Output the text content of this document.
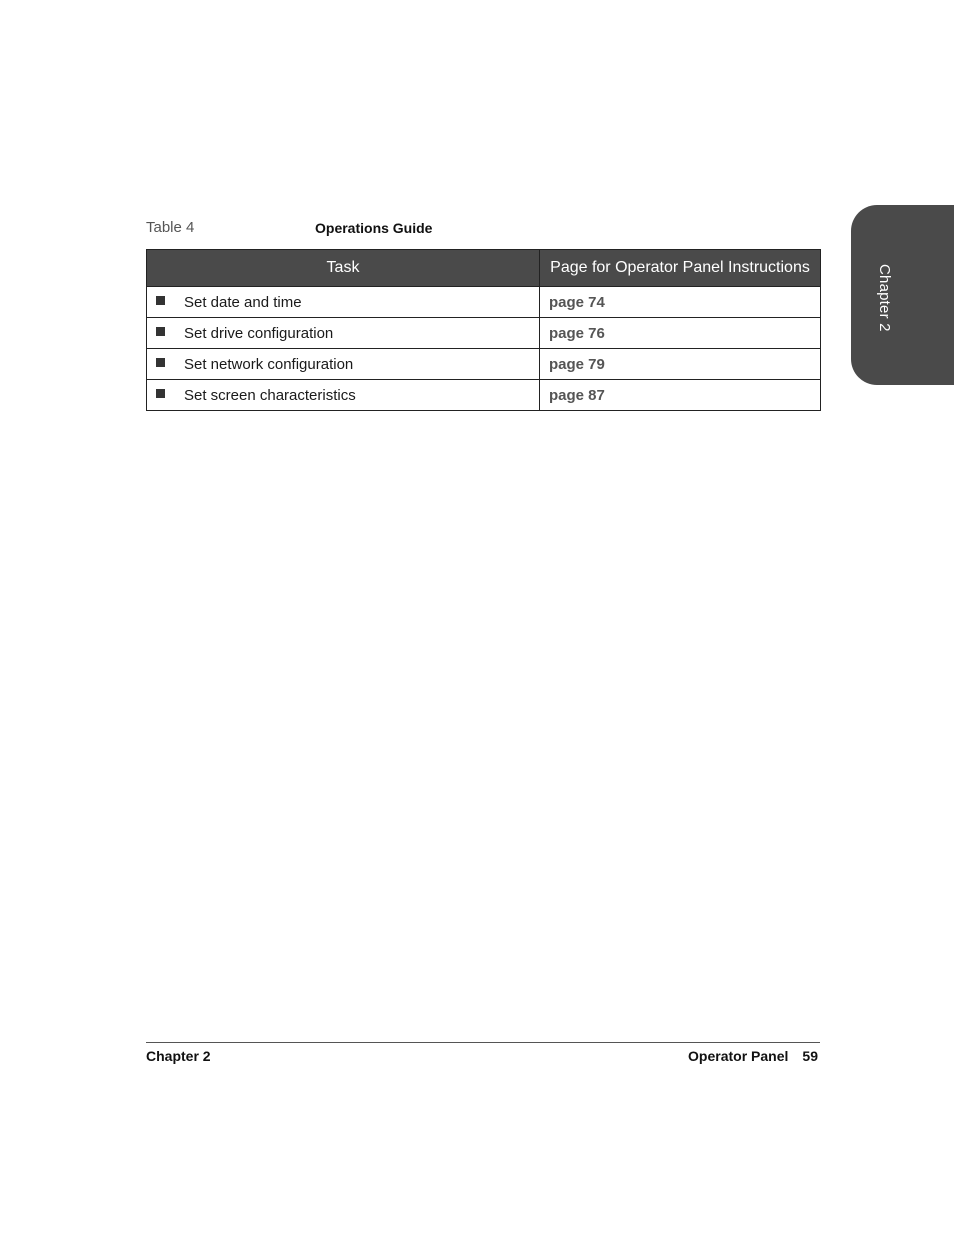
Chapter 2
Table 4	Operations Guide
Task	Page for Operator Panel Instructions
Set date and time	page 74
Set drive configuration	page 76
Set network configuration	page 79
Set screen characteristics	page 87
Chapter 2	Operator Panel 59
